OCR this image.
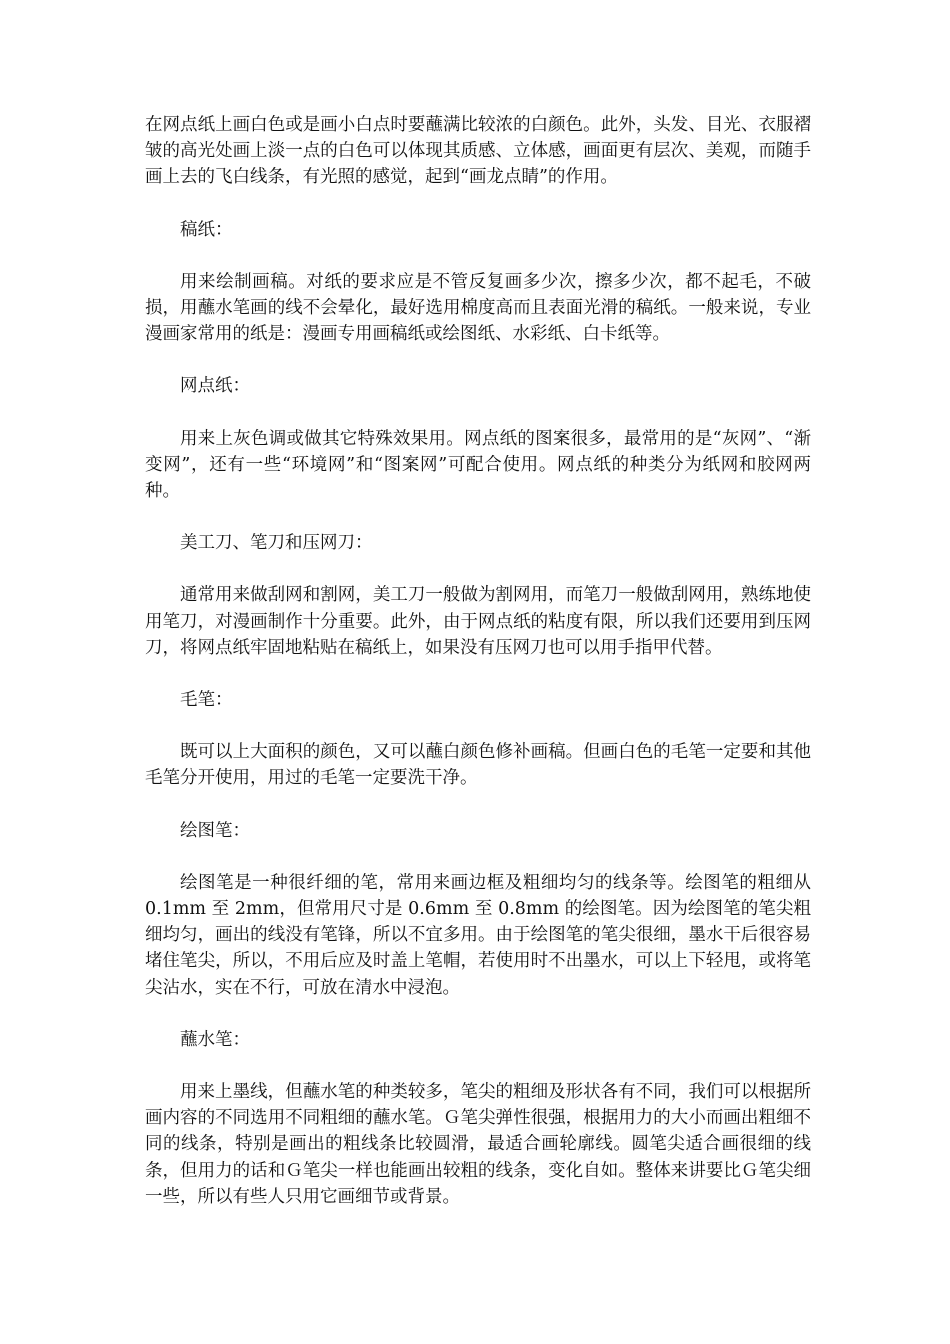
在网点纸上画白色或是画小白点时要蘸满比较浓的白颜色。此外，头发、目光、衣服褶皱的高光处画上淡一点的白色可以体现其质感、立体感，画面更有层次、美观，而随手画上去的飞白线条，有光照的感觉，起到“画龙点睛”的作用。

稿纸：

用来绘制画稿。对纸的要求应是不管反复画多少次，擦多少次，都不起毛，不破损，用蘸水笔画的线不会晕化，最好选用棉度高而且表面光滑的稿纸。一般来说，专业漫画家常用的纸是：漫画专用画稿纸或绘图纸、水彩纸、白卡纸等。

网点纸：

用来上灰色调或做其它特殊效果用。网点纸的图案很多，最常用的是“灰网”、“渐变网”，还有一些“环境网”和“图案网”可配合使用。网点纸的种类分为纸网和胶网两种。

美工刀、笔刀和压网刀：

通常用来做刮网和割网，美工刀一般做为割网用，而笔刀一般做刮网用，熟练地使用笔刀，对漫画制作十分重要。此外，由于网点纸的粘度有限，所以我们还要用到压网刀，将网点纸牢固地粘贴在稿纸上，如果没有压网刀也可以用手指甲代替。

毛笔：

既可以上大面积的颜色，又可以蘸白颜色修补画稿。但画白色的毛笔一定要和其他毛笔分开使用，用过的毛笔一定要洗干净。

绘图笔：

绘图笔是一种很纤细的笔，常用来画边框及粗细均匀的线条等。绘图笔的粗细从 0.1mm 至 2mm，但常用尺寸是 0.6mm 至 0.8mm 的绘图笔。因为绘图笔的笔尖粗细均匀，画出的线没有笔锋，所以不宜多用。由于绘图笔的笔尖很细，墨水干后很容易堵住笔尖，所以，不用后应及时盖上笔帽，若使用时不出墨水，可以上下轻甩，或将笔尖沾水，实在不行，可放在清水中浸泡。

蘸水笔：

用来上墨线，但蘸水笔的种类较多，笔尖的粗细及形状各有不同，我们可以根据所画内容的不同选用不同粗细的蘸水笔。Ｇ笔尖弹性很强，根据用力的大小而画出粗细不同的线条，特别是画出的粗线条比较圆滑，最适合画轮廓线。圆笔尖适合画很细的线条，但用力的话和Ｇ笔尖一样也能画出较粗的线条，变化自如。整体来讲要比Ｇ笔尖细一些，所以有些人只用它画细节或背景。
